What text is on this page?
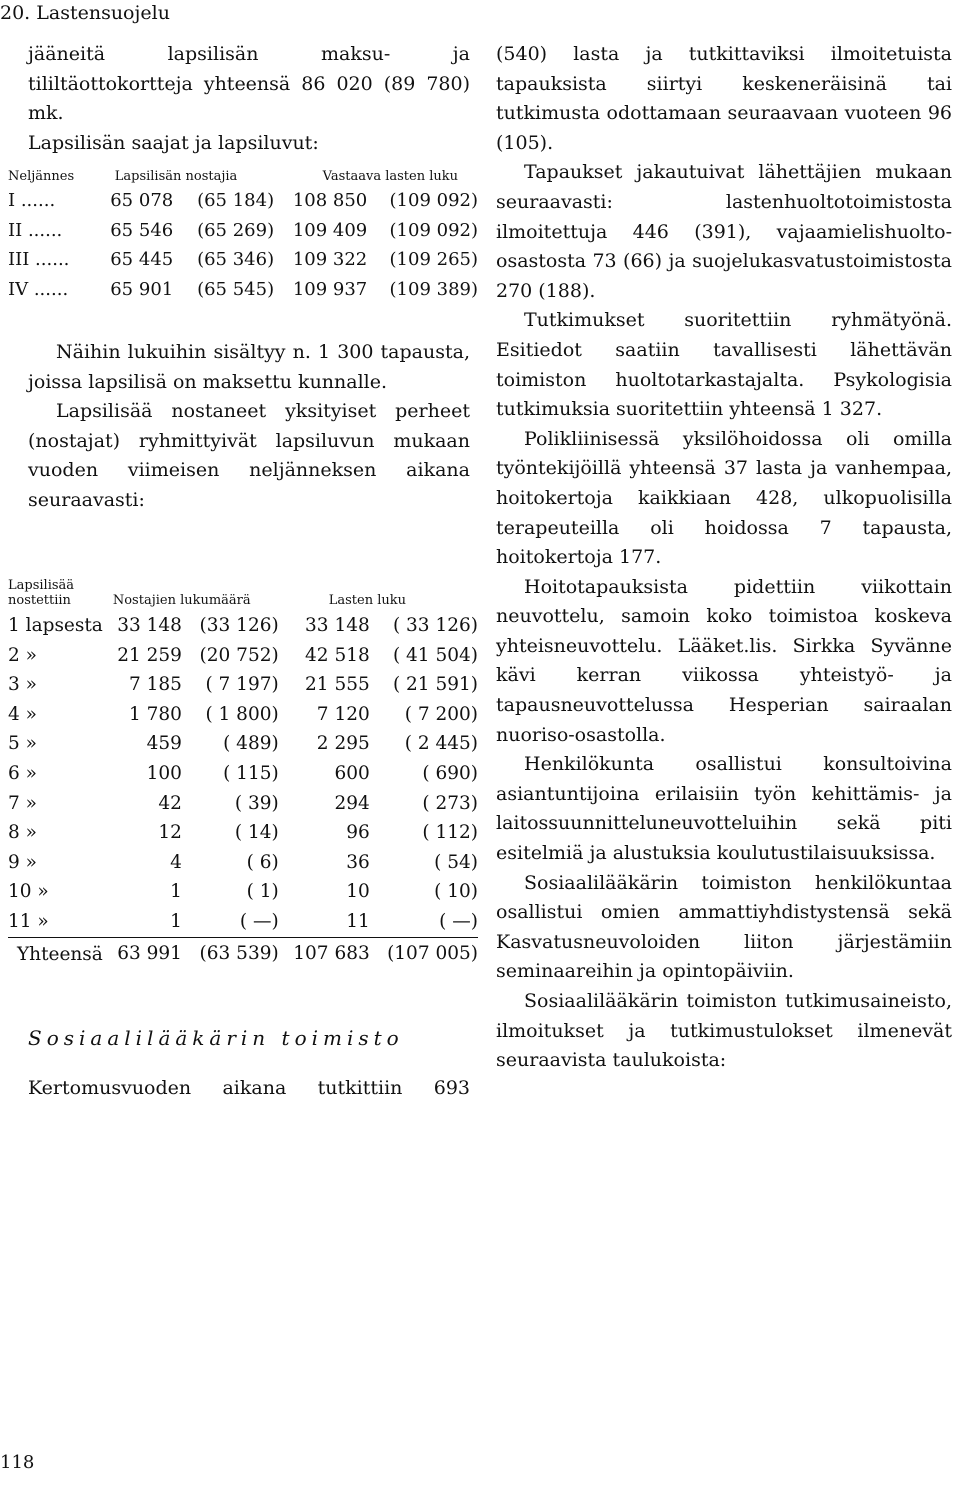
20. Lastensuojelu

jääneitä lapsilisän maksu- ja tililtäottokortteja yhteensä 86 020 (89 780) mk.

Lapsilisän saajat ja lapsiluvut:

Neljännes	Lapsilisän nostajia		Vastaava lasten luku	
I ......	65 078	(65 184)	108 850	(109 092)
II ......	65 546	(65 269)	109 409	(109 092)
III ......	65 445	(65 346)	109 322	(109 265)
IV ......	65 901	(65 545)	109 937	(109 389)

Näihin lukuihin sisältyy n. 1 300 tapausta, joissa lapsilisä on maksettu kunnalle.

Lapsilisää nostaneet yksityiset perheet (nostajat) ryhmittyivät lapsiluvun mukaan vuoden viimeisen neljänneksen aikana seuraavasti:

Lapsilisää nostettiin	Nostajien lukumäärä		Lasten luku	
1 lapsesta	33 148	(33 126)	33 148	( 33 126)
2 »	21 259	(20 752)	42 518	( 41 504)
3 »	7 185	( 7 197)	21 555	( 21 591)
4 »	1 780	( 1 800)	7 120	( 7 200)
5 »	459	( 489)	2 295	( 2 445)
6 »	100	( 115)	600	( 690)
7 »	42	( 39)	294	( 273)
8 »	12	( 14)	96	( 112)
9 »	4	( 6)	36	( 54)
10 »	1	( 1)	10	( 10)
11 »	1	( —)	11	( —)
Yhteensä	63 991	(63 539)	107 683	(107 005)
Sosiaalilääkärin toimisto

Kertomusvuoden aikana tutkittiin 693

(540) lasta ja tutkittaviksi ilmoitetuista tapauksista siirtyi keskeneräisinä tai tutkimusta odottamaan seuraavaan vuoteen 96 (105).

Tapaukset jakautuivat lähettäjien mukaan seuraavasti: lastenhuoltotoimistosta ilmoitettuja 446 (391), vajaamielishuolto-osastosta 73 (66) ja suojelukasvatustoimistosta 270 (188).

Tutkimukset suoritettiin ryhmätyönä. Esitiedot saatiin tavallisesti lähettävän toimiston huoltotarkastajalta. Psykologisia tutkimuksia suoritettiin yhteensä 1 327.

Polikliinisessä yksilöhoidossa oli omilla työntekijöillä yhteensä 37 lasta ja vanhempaa, hoitokertoja kaikkiaan 428, ulkopuolisilla terapeuteilla oli hoidossa 7 tapausta, hoitokertoja 177.

Hoitotapauksista pidettiin viikottain neuvottelu, samoin koko toimistoa koskeva yhteisneuvottelu. Lääket.lis. Sirkka Syvänne kävi kerran viikossa yhteistyö- ja tapausneuvottelussa Hesperian sairaalan nuoriso-osastolla.

Henkilökunta osallistui konsultoivina asiantuntijoina erilaisiin työn kehittämis- ja laitossuunnitteluneuvotteluihin sekä piti esitelmiä ja alustuksia koulutustilaisuuksissa.

Sosiaalilääkärin toimiston henkilökuntaa osallistui omien ammattiyhdistystensä sekä Kasvatusneuvoloiden liiton järjestämiin seminaareihin ja opintopäiviin.

Sosiaalilääkärin toimiston tutkimusaineisto, ilmoitukset ja tutkimustulokset ilmenevät seuraavista taulukoista:

118
